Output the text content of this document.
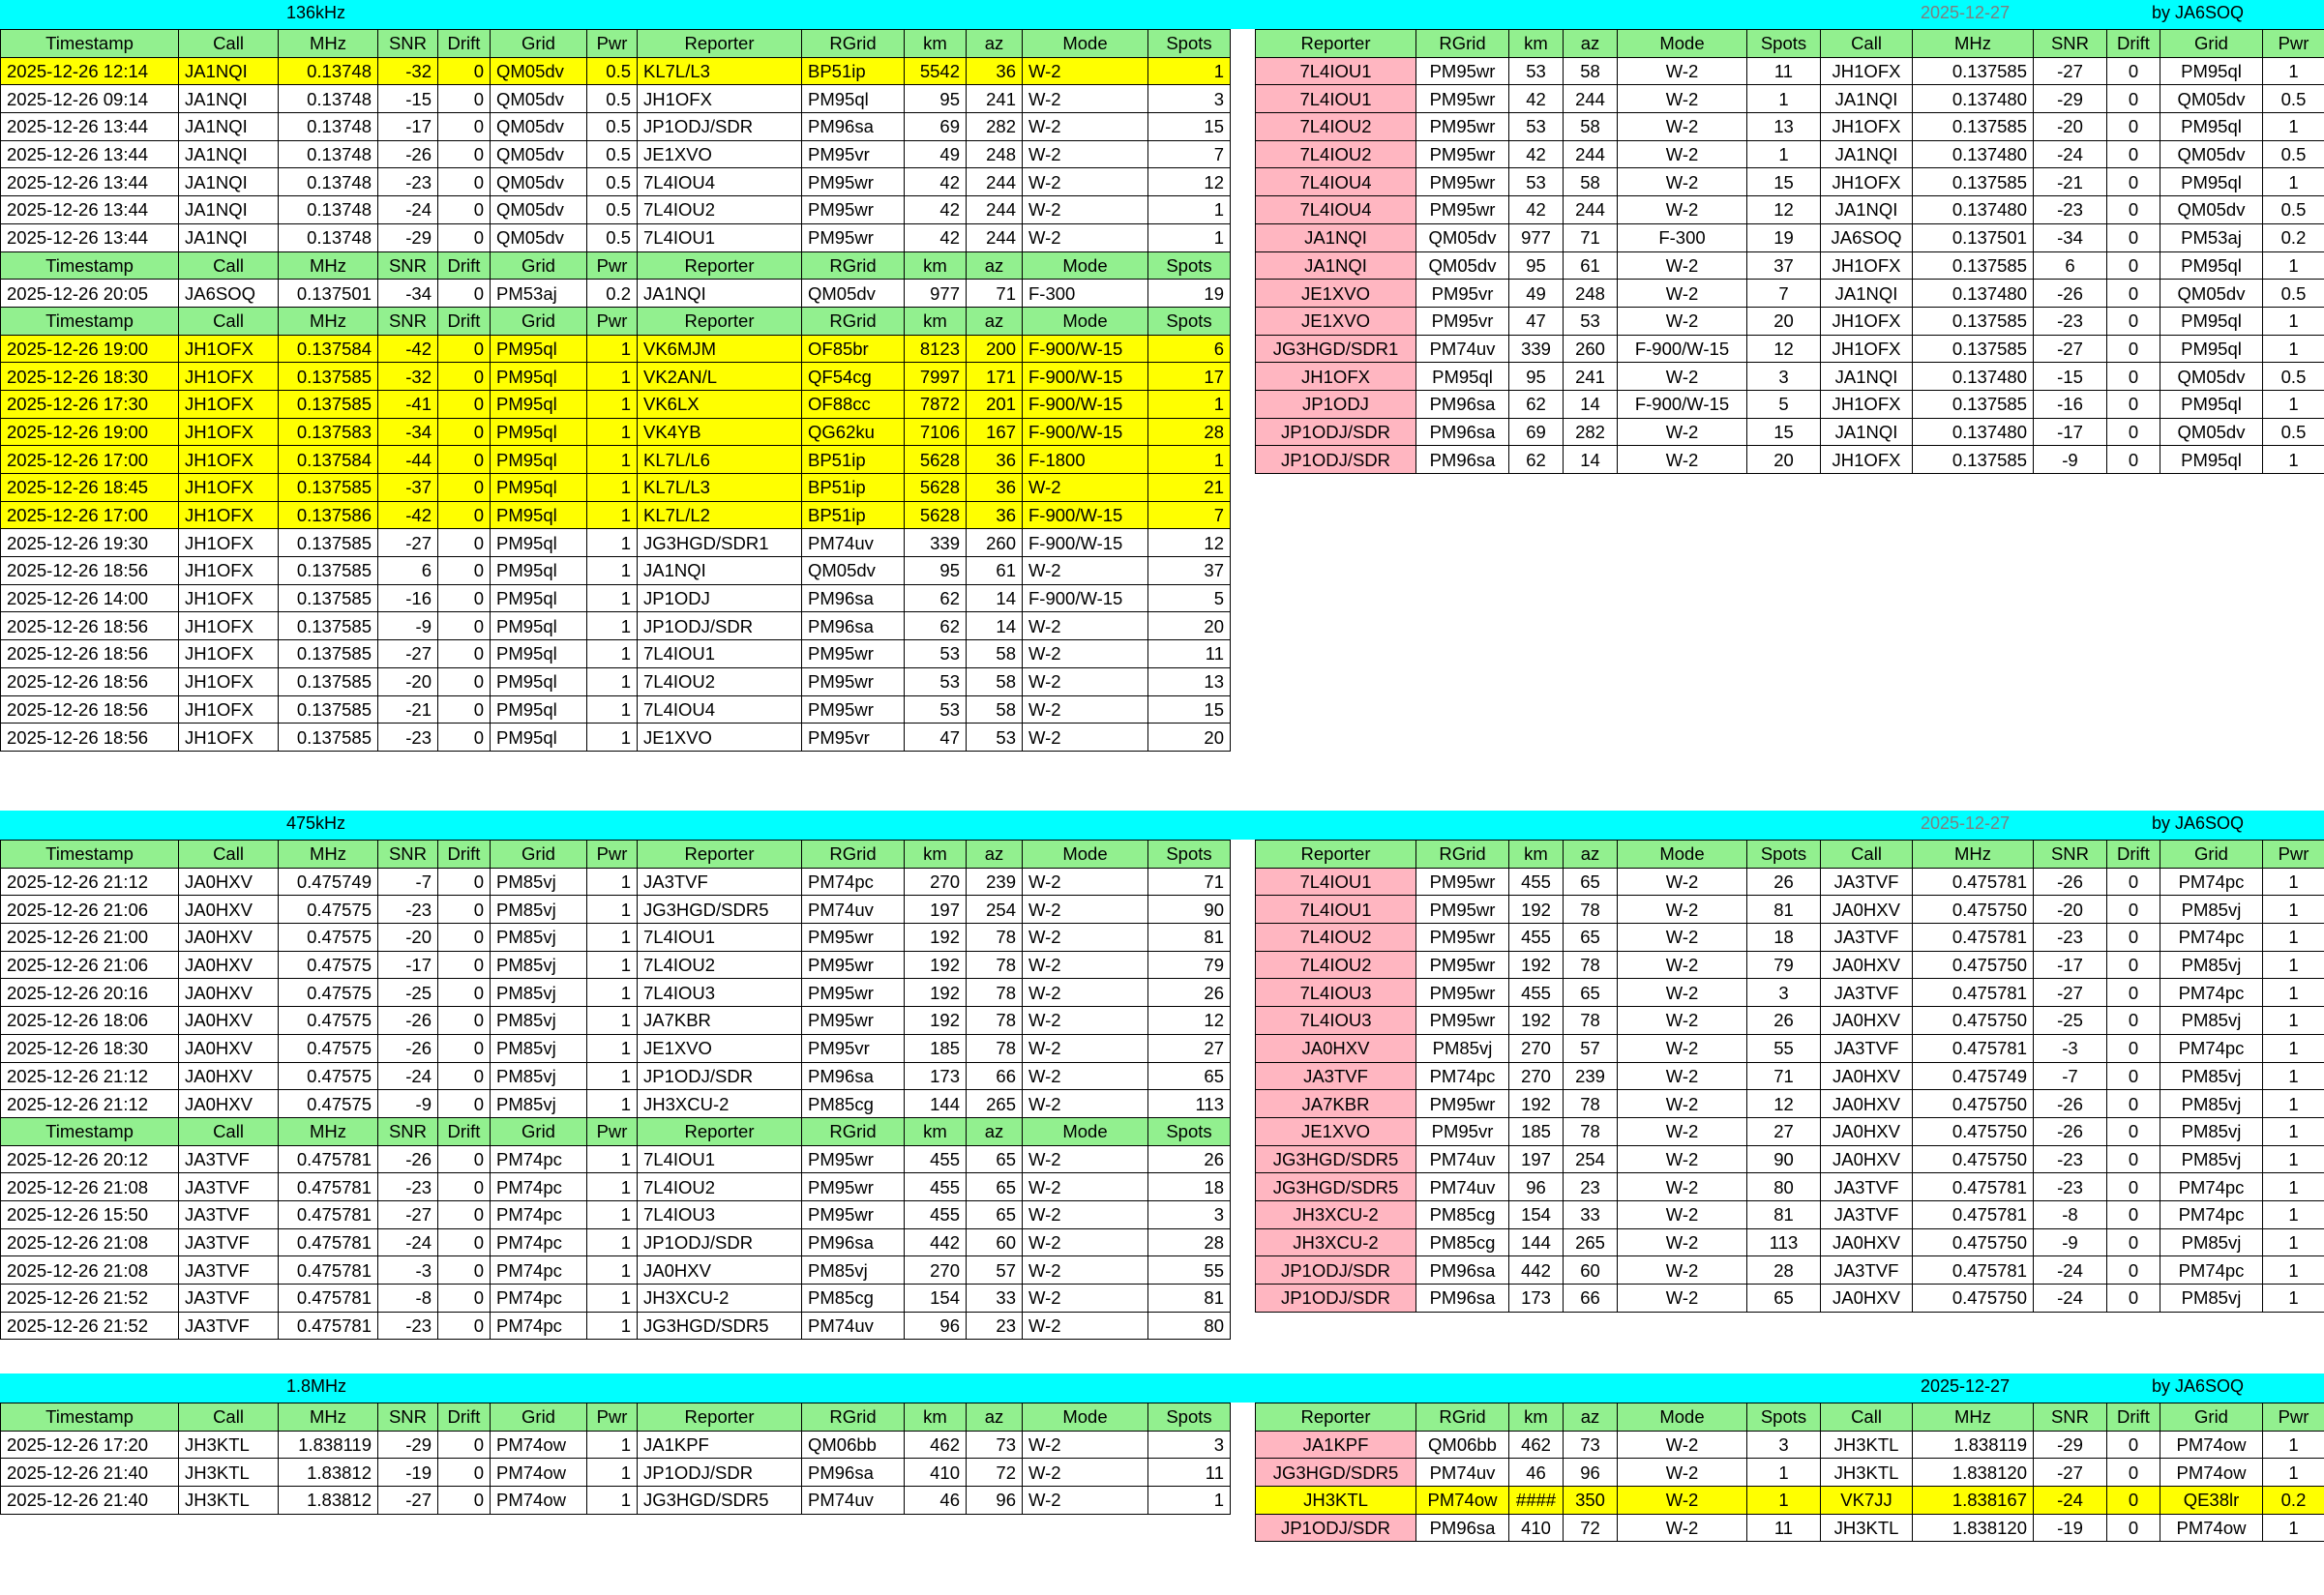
136kHz	2025-12-27	by JA6SOQ
Timestamp	Call	MHz	SNR	Drift	Grid	Pwr	Reporter	RGrid	km	az	Mode	Spots
2025-12-26 12:14	JA1NQI	0.13748	-32	0	QM05dv	0.5	KL7L/L3	BP51ip	5542	36	W-2	1
2025-12-26 09:14	JA1NQI	0.13748	-15	0	QM05dv	0.5	JH1OFX	PM95ql	95	241	W-2	3
2025-12-26 13:44	JA1NQI	0.13748	-17	0	QM05dv	0.5	JP1ODJ/SDR	PM96sa	69	282	W-2	15
2025-12-26 13:44	JA1NQI	0.13748	-26	0	QM05dv	0.5	JE1XVO	PM95vr	49	248	W-2	7
2025-12-26 13:44	JA1NQI	0.13748	-23	0	QM05dv	0.5	7L4IOU4	PM95wr	42	244	W-2	12
2025-12-26 13:44	JA1NQI	0.13748	-24	0	QM05dv	0.5	7L4IOU2	PM95wr	42	244	W-2	1
2025-12-26 13:44	JA1NQI	0.13748	-29	0	QM05dv	0.5	7L4IOU1	PM95wr	42	244	W-2	1
Timestamp	Call	MHz	SNR	Drift	Grid	Pwr	Reporter	RGrid	km	az	Mode	Spots
2025-12-26 20:05	JA6SOQ	0.137501	-34	0	PM53aj	0.2	JA1NQI	QM05dv	977	71	F-300	19
Timestamp	Call	MHz	SNR	Drift	Grid	Pwr	Reporter	RGrid	km	az	Mode	Spots
2025-12-26 19:00	JH1OFX	0.137584	-42	0	PM95ql	1	VK6MJM	OF85br	8123	200	F-900/W-15	6
2025-12-26 18:30	JH1OFX	0.137585	-32	0	PM95ql	1	VK2AN/L	QF54cg	7997	171	F-900/W-15	17
2025-12-26 17:30	JH1OFX	0.137585	-41	0	PM95ql	1	VK6LX	OF88cc	7872	201	F-900/W-15	1
2025-12-26 19:00	JH1OFX	0.137583	-34	0	PM95ql	1	VK4YB	QG62ku	7106	167	F-900/W-15	28
2025-12-26 17:00	JH1OFX	0.137584	-44	0	PM95ql	1	KL7L/L6	BP51ip	5628	36	F-1800	1
2025-12-26 18:45	JH1OFX	0.137585	-37	0	PM95ql	1	KL7L/L3	BP51ip	5628	36	W-2	21
2025-12-26 17:00	JH1OFX	0.137586	-42	0	PM95ql	1	KL7L/L2	BP51ip	5628	36	F-900/W-15	7
2025-12-26 19:30	JH1OFX	0.137585	-27	0	PM95ql	1	JG3HGD/SDR1	PM74uv	339	260	F-900/W-15	12
2025-12-26 18:56	JH1OFX	0.137585	6	0	PM95ql	1	JA1NQI	QM05dv	95	61	W-2	37
2025-12-26 14:00	JH1OFX	0.137585	-16	0	PM95ql	1	JP1ODJ	PM96sa	62	14	F-900/W-15	5
2025-12-26 18:56	JH1OFX	0.137585	-9	0	PM95ql	1	JP1ODJ/SDR	PM96sa	62	14	W-2	20
2025-12-26 18:56	JH1OFX	0.137585	-27	0	PM95ql	1	7L4IOU1	PM95wr	53	58	W-2	11
2025-12-26 18:56	JH1OFX	0.137585	-20	0	PM95ql	1	7L4IOU2	PM95wr	53	58	W-2	13
2025-12-26 18:56	JH1OFX	0.137585	-21	0	PM95ql	1	7L4IOU4	PM95wr	53	58	W-2	15
2025-12-26 18:56	JH1OFX	0.137585	-23	0	PM95ql	1	JE1XVO	PM95vr	47	53	W-2	20
Reporter	RGrid	km	az	Mode	Spots	Call	MHz	SNR	Drift	Grid	Pwr
7L4IOU1	PM95wr	53	58	W-2	11	JH1OFX	0.137585	-27	0	PM95ql	1
7L4IOU1	PM95wr	42	244	W-2	1	JA1NQI	0.137480	-29	0	QM05dv	0.5
7L4IOU2	PM95wr	53	58	W-2	13	JH1OFX	0.137585	-20	0	PM95ql	1
7L4IOU2	PM95wr	42	244	W-2	1	JA1NQI	0.137480	-24	0	QM05dv	0.5
7L4IOU4	PM95wr	53	58	W-2	15	JH1OFX	0.137585	-21	0	PM95ql	1
7L4IOU4	PM95wr	42	244	W-2	12	JA1NQI	0.137480	-23	0	QM05dv	0.5
JA1NQI	QM05dv	977	71	F-300	19	JA6SOQ	0.137501	-34	0	PM53aj	0.2
JA1NQI	QM05dv	95	61	W-2	37	JH1OFX	0.137585	6	0	PM95ql	1
JE1XVO	PM95vr	49	248	W-2	7	JA1NQI	0.137480	-26	0	QM05dv	0.5
JE1XVO	PM95vr	47	53	W-2	20	JH1OFX	0.137585	-23	0	PM95ql	1
JG3HGD/SDR1	PM74uv	339	260	F-900/W-15	12	JH1OFX	0.137585	-27	0	PM95ql	1
JH1OFX	PM95ql	95	241	W-2	3	JA1NQI	0.137480	-15	0	QM05dv	0.5
JP1ODJ	PM96sa	62	14	F-900/W-15	5	JH1OFX	0.137585	-16	0	PM95ql	1
JP1ODJ/SDR	PM96sa	69	282	W-2	15	JA1NQI	0.137480	-17	0	QM05dv	0.5
JP1ODJ/SDR	PM96sa	62	14	W-2	20	JH1OFX	0.137585	-9	0	PM95ql	1
475kHz	2025-12-27	by JA6SOQ
Timestamp	Call	MHz	SNR	Drift	Grid	Pwr	Reporter	RGrid	km	az	Mode	Spots
2025-12-26 21:12	JA0HXV	0.475749	-7	0	PM85vj	1	JA3TVF	PM74pc	270	239	W-2	71
2025-12-26 21:06	JA0HXV	0.47575	-23	0	PM85vj	1	JG3HGD/SDR5	PM74uv	197	254	W-2	90
2025-12-26 21:00	JA0HXV	0.47575	-20	0	PM85vj	1	7L4IOU1	PM95wr	192	78	W-2	81
2025-12-26 21:06	JA0HXV	0.47575	-17	0	PM85vj	1	7L4IOU2	PM95wr	192	78	W-2	79
2025-12-26 20:16	JA0HXV	0.47575	-25	0	PM85vj	1	7L4IOU3	PM95wr	192	78	W-2	26
2025-12-26 18:06	JA0HXV	0.47575	-26	0	PM85vj	1	JA7KBR	PM95wr	192	78	W-2	12
2025-12-26 18:30	JA0HXV	0.47575	-26	0	PM85vj	1	JE1XVO	PM95vr	185	78	W-2	27
2025-12-26 21:12	JA0HXV	0.47575	-24	0	PM85vj	1	JP1ODJ/SDR	PM96sa	173	66	W-2	65
2025-12-26 21:12	JA0HXV	0.47575	-9	0	PM85vj	1	JH3XCU-2	PM85cg	144	265	W-2	113
Timestamp	Call	MHz	SNR	Drift	Grid	Pwr	Reporter	RGrid	km	az	Mode	Spots
2025-12-26 20:12	JA3TVF	0.475781	-26	0	PM74pc	1	7L4IOU1	PM95wr	455	65	W-2	26
2025-12-26 21:08	JA3TVF	0.475781	-23	0	PM74pc	1	7L4IOU2	PM95wr	455	65	W-2	18
2025-12-26 15:50	JA3TVF	0.475781	-27	0	PM74pc	1	7L4IOU3	PM95wr	455	65	W-2	3
2025-12-26 21:08	JA3TVF	0.475781	-24	0	PM74pc	1	JP1ODJ/SDR	PM96sa	442	60	W-2	28
2025-12-26 21:08	JA3TVF	0.475781	-3	0	PM74pc	1	JA0HXV	PM85vj	270	57	W-2	55
2025-12-26 21:52	JA3TVF	0.475781	-8	0	PM74pc	1	JH3XCU-2	PM85cg	154	33	W-2	81
2025-12-26 21:52	JA3TVF	0.475781	-23	0	PM74pc	1	JG3HGD/SDR5	PM74uv	96	23	W-2	80
Reporter	RGrid	km	az	Mode	Spots	Call	MHz	SNR	Drift	Grid	Pwr
7L4IOU1	PM95wr	455	65	W-2	26	JA3TVF	0.475781	-26	0	PM74pc	1
7L4IOU1	PM95wr	192	78	W-2	81	JA0HXV	0.475750	-20	0	PM85vj	1
7L4IOU2	PM95wr	455	65	W-2	18	JA3TVF	0.475781	-23	0	PM74pc	1
7L4IOU2	PM95wr	192	78	W-2	79	JA0HXV	0.475750	-17	0	PM85vj	1
7L4IOU3	PM95wr	455	65	W-2	3	JA3TVF	0.475781	-27	0	PM74pc	1
7L4IOU3	PM95wr	192	78	W-2	26	JA0HXV	0.475750	-25	0	PM85vj	1
JA0HXV	PM85vj	270	57	W-2	55	JA3TVF	0.475781	-3	0	PM74pc	1
JA3TVF	PM74pc	270	239	W-2	71	JA0HXV	0.475749	-7	0	PM85vj	1
JA7KBR	PM95wr	192	78	W-2	12	JA0HXV	0.475750	-26	0	PM85vj	1
JE1XVO	PM95vr	185	78	W-2	27	JA0HXV	0.475750	-26	0	PM85vj	1
JG3HGD/SDR5	PM74uv	197	254	W-2	90	JA0HXV	0.475750	-23	0	PM85vj	1
JG3HGD/SDR5	PM74uv	96	23	W-2	80	JA3TVF	0.475781	-23	0	PM74pc	1
JH3XCU-2	PM85cg	154	33	W-2	81	JA3TVF	0.475781	-8	0	PM74pc	1
JH3XCU-2	PM85cg	144	265	W-2	113	JA0HXV	0.475750	-9	0	PM85vj	1
JP1ODJ/SDR	PM96sa	442	60	W-2	28	JA3TVF	0.475781	-24	0	PM74pc	1
JP1ODJ/SDR	PM96sa	173	66	W-2	65	JA0HXV	0.475750	-24	0	PM85vj	1
1.8MHz	2025-12-27	by JA6SOQ
Timestamp	Call	MHz	SNR	Drift	Grid	Pwr	Reporter	RGrid	km	az	Mode	Spots
2025-12-26 17:20	JH3KTL	1.838119	-29	0	PM74ow	1	JA1KPF	QM06bb	462	73	W-2	3
2025-12-26 21:40	JH3KTL	1.83812	-19	0	PM74ow	1	JP1ODJ/SDR	PM96sa	410	72	W-2	11
2025-12-26 21:40	JH3KTL	1.83812	-27	0	PM74ow	1	JG3HGD/SDR5	PM74uv	46	96	W-2	1
Reporter	RGrid	km	az	Mode	Spots	Call	MHz	SNR	Drift	Grid	Pwr
JA1KPF	QM06bb	462	73	W-2	3	JH3KTL	1.838119	-29	0	PM74ow	1
JG3HGD/SDR5	PM74uv	46	96	W-2	1	JH3KTL	1.838120	-27	0	PM74ow	1
JH3KTL	PM74ow	####	350	W-2	1	VK7JJ	1.838167	-24	0	QE38lr	0.2
JP1ODJ/SDR	PM96sa	410	72	W-2	11	JH3KTL	1.838120	-19	0	PM74ow	1
